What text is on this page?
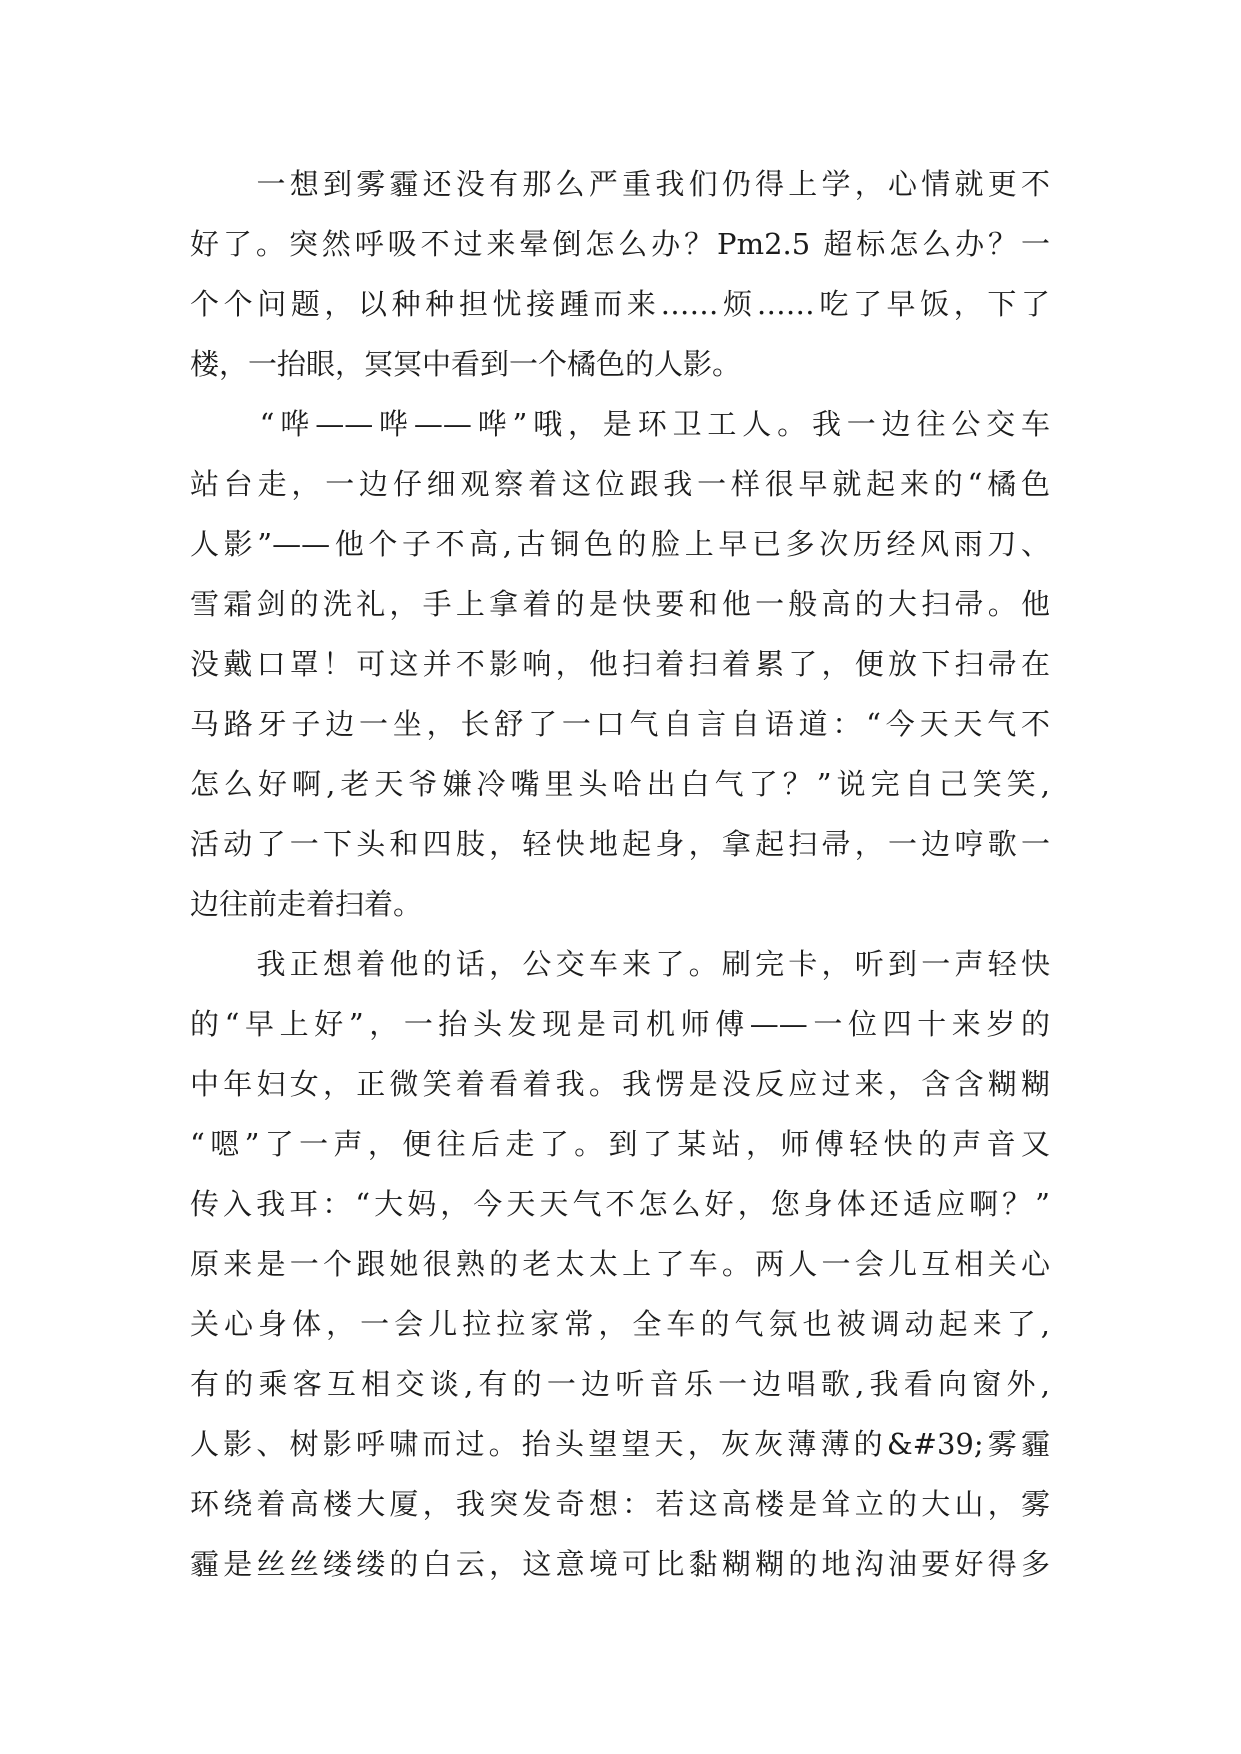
　　一想到雾霾还没有那么严重我们仍得上学，心情就更不
好了。突然呼吸不过来晕倒怎么办？Pm2.5 超标怎么办？一
个个问题，以种种担忧接踵而来……烦……吃了早饭，下了
楼，一抬眼，冥冥中看到一个橘色的人影。
　　“哗——哗——哗”哦，是环卫工人。我一边往公交车
站台走，一边仔细观察着这位跟我一样很早就起来的“橘色
人影”——他个子不高,古铜色的脸上早已多次历经风雨刀、
雪霜剑的洗礼，手上拿着的是快要和他一般高的大扫帚。他
没戴口罩！可这并不影响，他扫着扫着累了，便放下扫帚在
马路牙子边一坐，长舒了一口气自言自语道：“今天天气不
怎么好啊,老天爷嫌冷嘴里头哈出白气了？”说完自己笑笑,
活动了一下头和四肢，轻快地起身，拿起扫帚，一边哼歌一
边往前走着扫着。
　　我正想着他的话，公交车来了。刷完卡，听到一声轻快
的“早上好”，一抬头发现是司机师傅——一位四十来岁的
中年妇女，正微笑着看着我。我愣是没反应过来，含含糊糊
“嗯”了一声，便往后走了。到了某站，师傅轻快的声音又
传入我耳：“大妈，今天天气不怎么好，您身体还适应啊？”
原来是一个跟她很熟的老太太上了车。两人一会儿互相关心
关心身体，一会儿拉拉家常，全车的气氛也被调动起来了,
有的乘客互相交谈,有的一边听音乐一边唱歌,我看向窗外,
人影、树影呼啸而过。抬头望望天，灰灰薄薄的&#39;雾霾
环绕着高楼大厦，我突发奇想：若这高楼是耸立的大山，雾
霾是丝丝缕缕的白云，这意境可比黏糊糊的地沟油要好得多
